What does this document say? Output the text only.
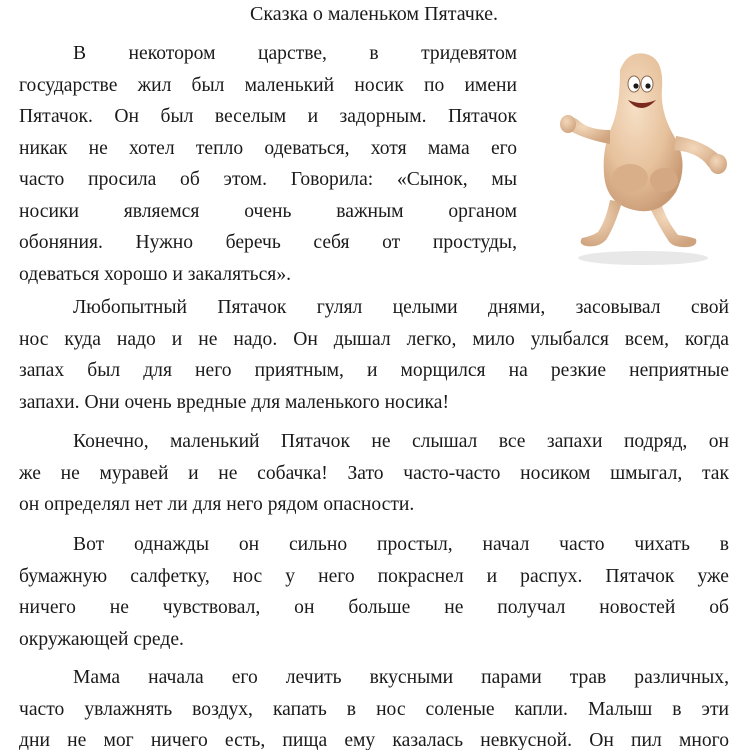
Сказка о маленьком Пятачке.
В некотором царстве, в тридевятом
государстве жил был маленький носик по имени
Пятачок. Он был веселым и задорным. Пятачок
никак не хотел тепло одеваться, хотя мама его
часто просила об этом. Говорила: «Сынок, мы
носики являемся очень важным органом
обоняния. Нужно беречь себя от простуды,
одеваться хорошо и закаляться».
Любопытный Пятачок гулял целыми днями, засовывал свой
нос куда надо и не надо. Он дышал легко, мило улыбался всем, когда
запах был для него приятным, и морщился на резкие неприятные
запахи. Они очень вредные для маленького носика!
Конечно, маленький Пятачок не слышал все запахи подряд, он
же не муравей и не собачка! Зато часто-часто носиком шмыгал, так
он определял нет ли для него рядом опасности.
Вот однажды он сильно простыл, начал часто чихать в
бумажную салфетку, нос у него покраснел и распух. Пятачок уже
ничего не чувствовал, он больше не получал новостей об
окружающей среде.
Мама начала его лечить вкусными парами трав различных,
часто увлажнять воздух, капать в нос соленые капли. Малыш в эти
дни не мог ничего есть, пища ему казалась невкусной. Он пил много
